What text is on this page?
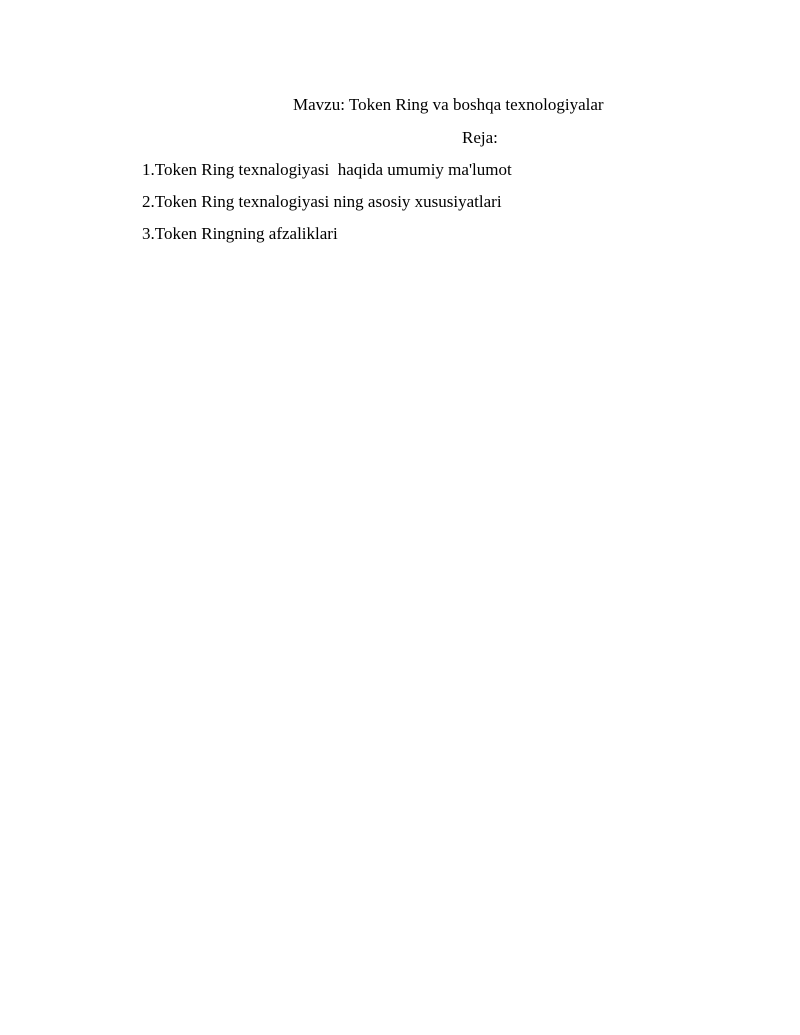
Mavzu: Token Ring va boshqa texnologiyalar
Reja:
1.Token Ring texnalogiyasi  haqida umumiy ma'lumot
2.Token Ring texnalogiyasi ning asosiy xususiyatlari
3.Token Ringning afzaliklari
